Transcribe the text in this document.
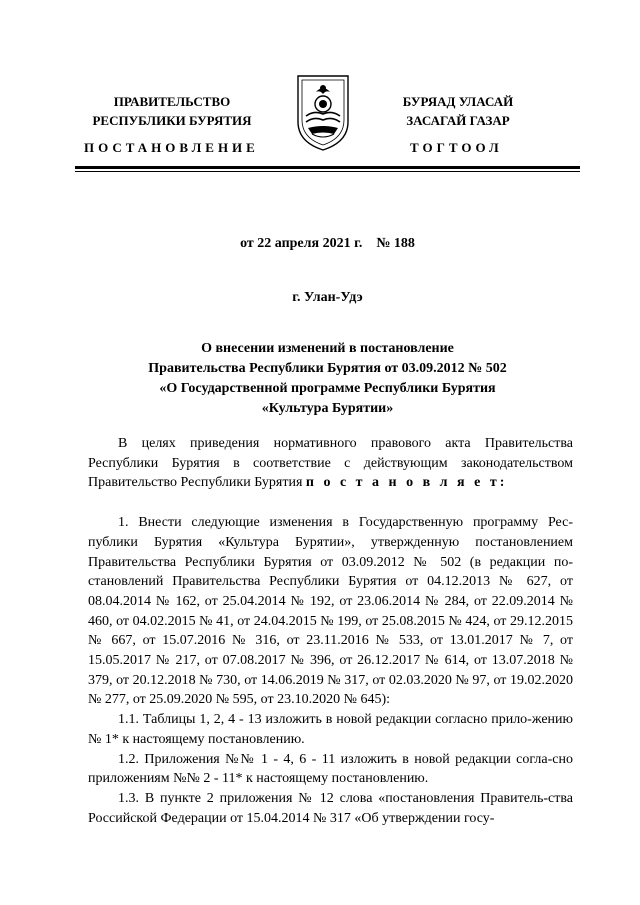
ПРАВИТЕЛЬСТВО
РЕСПУБЛИКИ БУРЯТИЯ
ПОСТАНОВЛЕНИЕ
БУРЯАД УЛАСАЙ
ЗАСАГАЙ ГАЗАР
ТОГТООЛ
от 22 апреля 2021 г.    № 188
г. Улан-Удэ
О внесении изменений в постановление
Правительства Республики Бурятия от 03.09.2012 № 502
«О Государственной программе Республики Бурятия
«Культура Бурятии»

В целях приведения нормативного правового акта Правительства Республики Бурятия в соответствие с действующим законодательством Правительство Республики Бурятия п о с т а н о в л я е т:

1. Внести следующие изменения в Государственную программу Рес-публики Бурятия «Культура Бурятии», утвержденную постановлением Правительства Республики Бурятия от 03.09.2012 № 502 (в редакции по-становлений Правительства Республики Бурятия от 04.12.2013 № 627, от 08.04.2014 № 162, от 25.04.2014 № 192, от 23.06.2014 № 284, от 22.09.2014 № 460, от 04.02.2015 № 41, от 24.04.2015 № 199, от 25.08.2015 № 424, от 29.12.2015 № 667, от 15.07.2016 № 316, от 23.11.2016 № 533, от 13.01.2017 № 7, от 15.05.2017 № 217, от 07.08.2017 № 396, от 26.12.2017 № 614, от 13.07.2018 № 379, от 20.12.2018 № 730, от 14.06.2019 № 317, от 02.03.2020 № 97, от 19.02.2020 № 277, от 25.09.2020 № 595, от 23.10.2020 № 645):

1.1. Таблицы 1, 2, 4 - 13 изложить в новой редакции согласно прило-жению № 1* к настоящему постановлению.

1.2. Приложения №№ 1 - 4, 6 - 11 изложить в новой редакции согла-сно приложениям №№ 2 - 11* к настоящему постановлению.

1.3. В пункте 2 приложения № 12 слова «постановления Правитель-ства Российской Федерации от 15.04.2014 № 317 «Об утверждении госу-
